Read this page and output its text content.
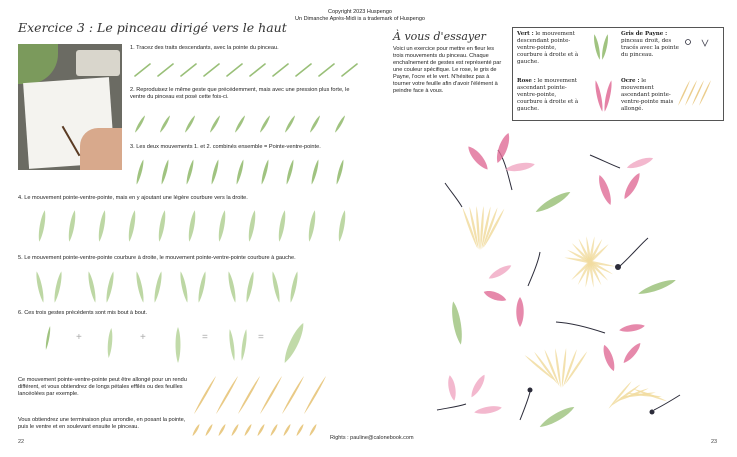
Copyright 2023 Huspengo
Un Dimanche Après-Midi is a trademark of Huspengo
Exercice 3 : Le pinceau dirigé vers le haut
1. Tracez des traits descendants, avec la pointe du pinceau.
2. Reproduisez le même geste que précédemment, mais avec une pression plus forte, le ventre du pinceau est posé cette fois-ci.
3. Les deux mouvements 1. et 2. combinés ensemble = Pointe-ventre-pointe.
4. Le mouvement pointe-ventre-pointe, mais en y ajoutant une légère courbure vers la droite.
5. Le mouvement pointe-ventre-pointe courbure à droite, le mouvement pointe-ventre-pointe courbure à gauche.
6. Ces trois gestes précédents sont mis bout à bout.
+	+	=	=
Ce mouvement pointe-ventre-pointe peut être allongé pour un rendu différent, et vous obtiendrez de longs pétales effilés ou des feuilles lancéolées par exemple.
Vous obtiendrez une terminaison plus arrondie, en posant la pointe, puis le ventre et en soulevant ensuite le pinceau.
22
À vous d'essayer
Voici un exercice pour mettre en fleur les trois mouvements du pinceau. Chaque enchaînement de gestes est représenté par une couleur spécifique. Le rose, le gris de Payne, l'ocre et le vert. N'hésitez pas à tourner votre feuille afin d'avoir l'élément à peindre face à vous.
Vert : le mouvement descendant pointe-ventre-pointe, courbure à droite et à gauche.
Gris de Payne : pinceau droit, des tracés avec la pointe du pinceau.
Rose : le mouvement ascendant pointe-ventre-pointe, courbure à droite et à gauche.
Ocre : le mouvement ascendant pointe-ventre-pointe mais allongé.
Rights : pauline@calonebook.com
23
